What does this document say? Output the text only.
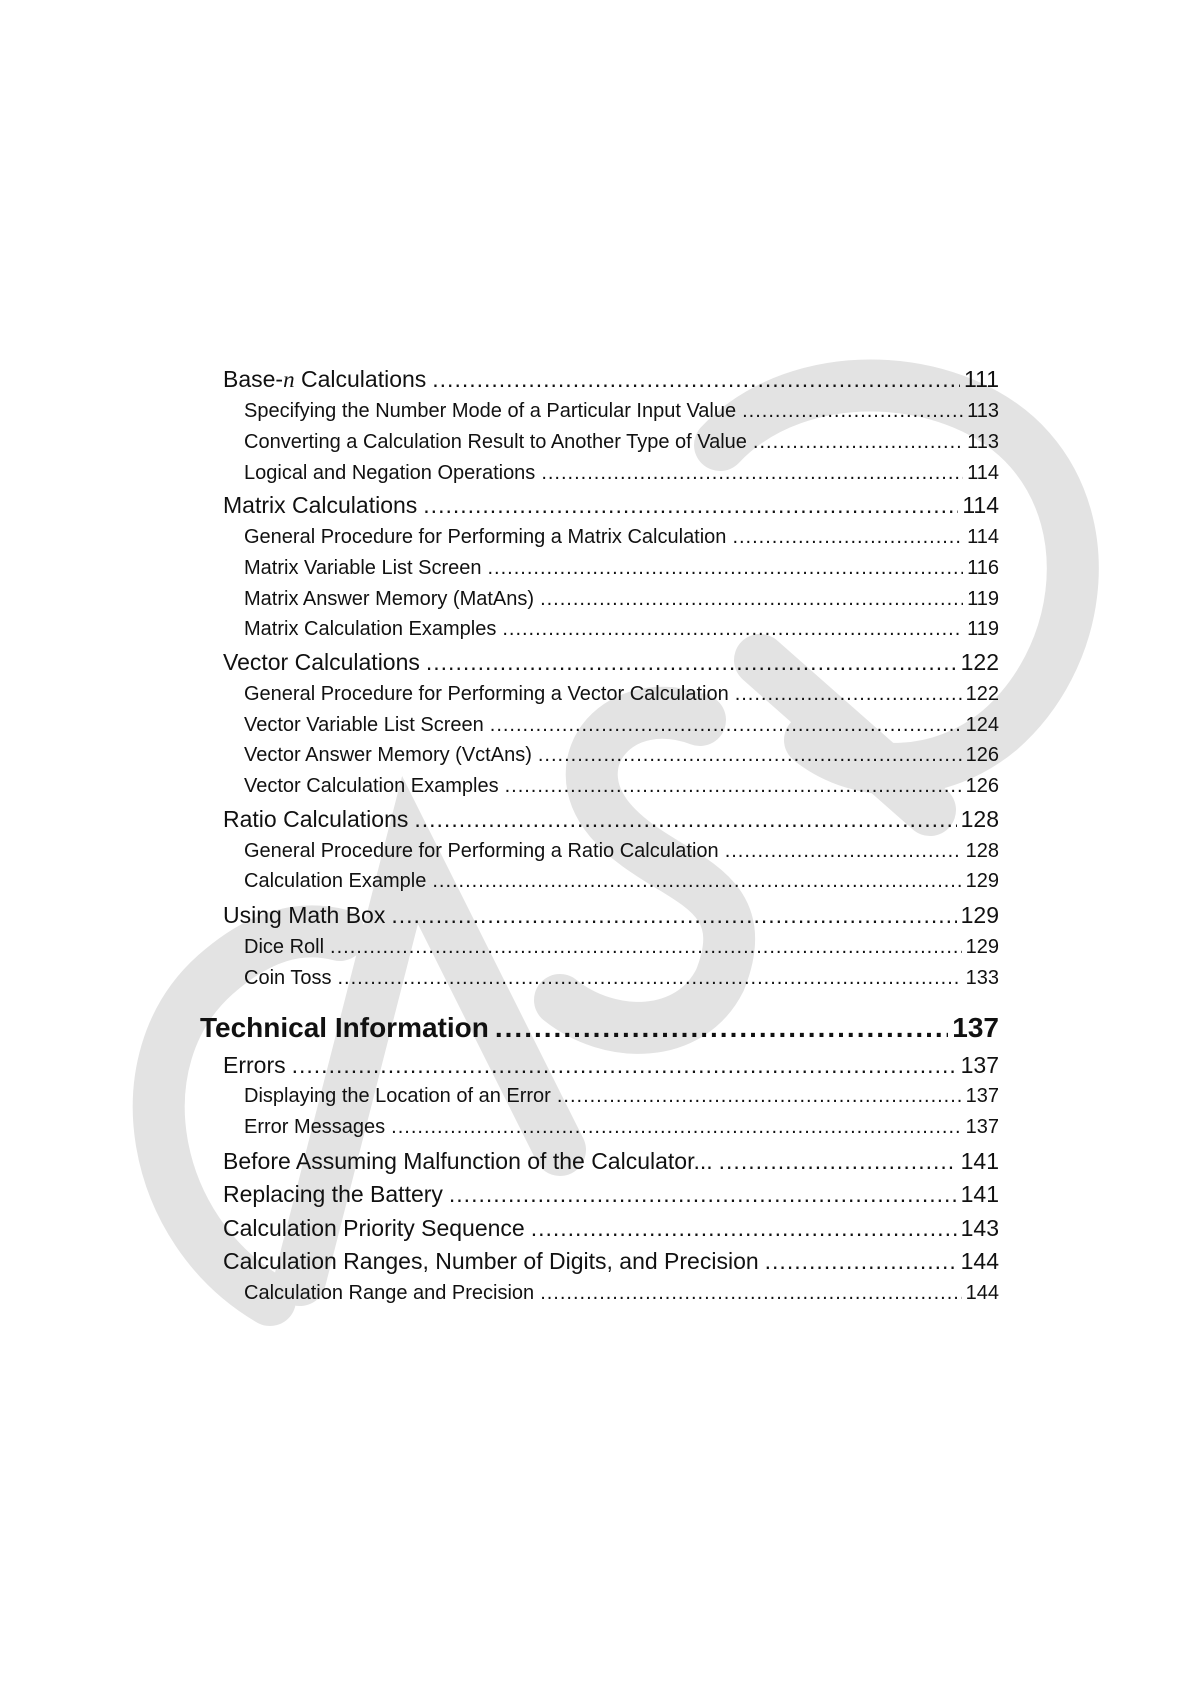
Base-n Calculations .....	111
Specifying the Number Mode of a Particular Input Value .....	113
Converting a Calculation Result to Another Type of Value .....	113
Logical and Negation Operations .....	114
Matrix Calculations .....	114
General Procedure for Performing a Matrix Calculation .....	114
Matrix Variable List Screen .....	116
Matrix Answer Memory (MatAns) .....	119
Matrix Calculation Examples .....	119
Vector Calculations .....	122
General Procedure for Performing a Vector Calculation .....	122
Vector Variable List Screen .....	124
Vector Answer Memory (VctAns) .....	126
Vector Calculation Examples .....	126
Ratio Calculations .....	128
General Procedure for Performing a Ratio Calculation .....	128
Calculation Example .....	129
Using Math Box .....	129
Dice Roll .....	129
Coin Toss .....	133
Technical Information .....	137
Errors .....	137
Displaying the Location of an Error .....	137
Error Messages .....	137
Before Assuming Malfunction of the Calculator... .....	141
Replacing the Battery .....	141
Calculation Priority Sequence .....	143
Calculation Ranges, Number of Digits, and Precision .....	144
Calculation Range and Precision .....	144
